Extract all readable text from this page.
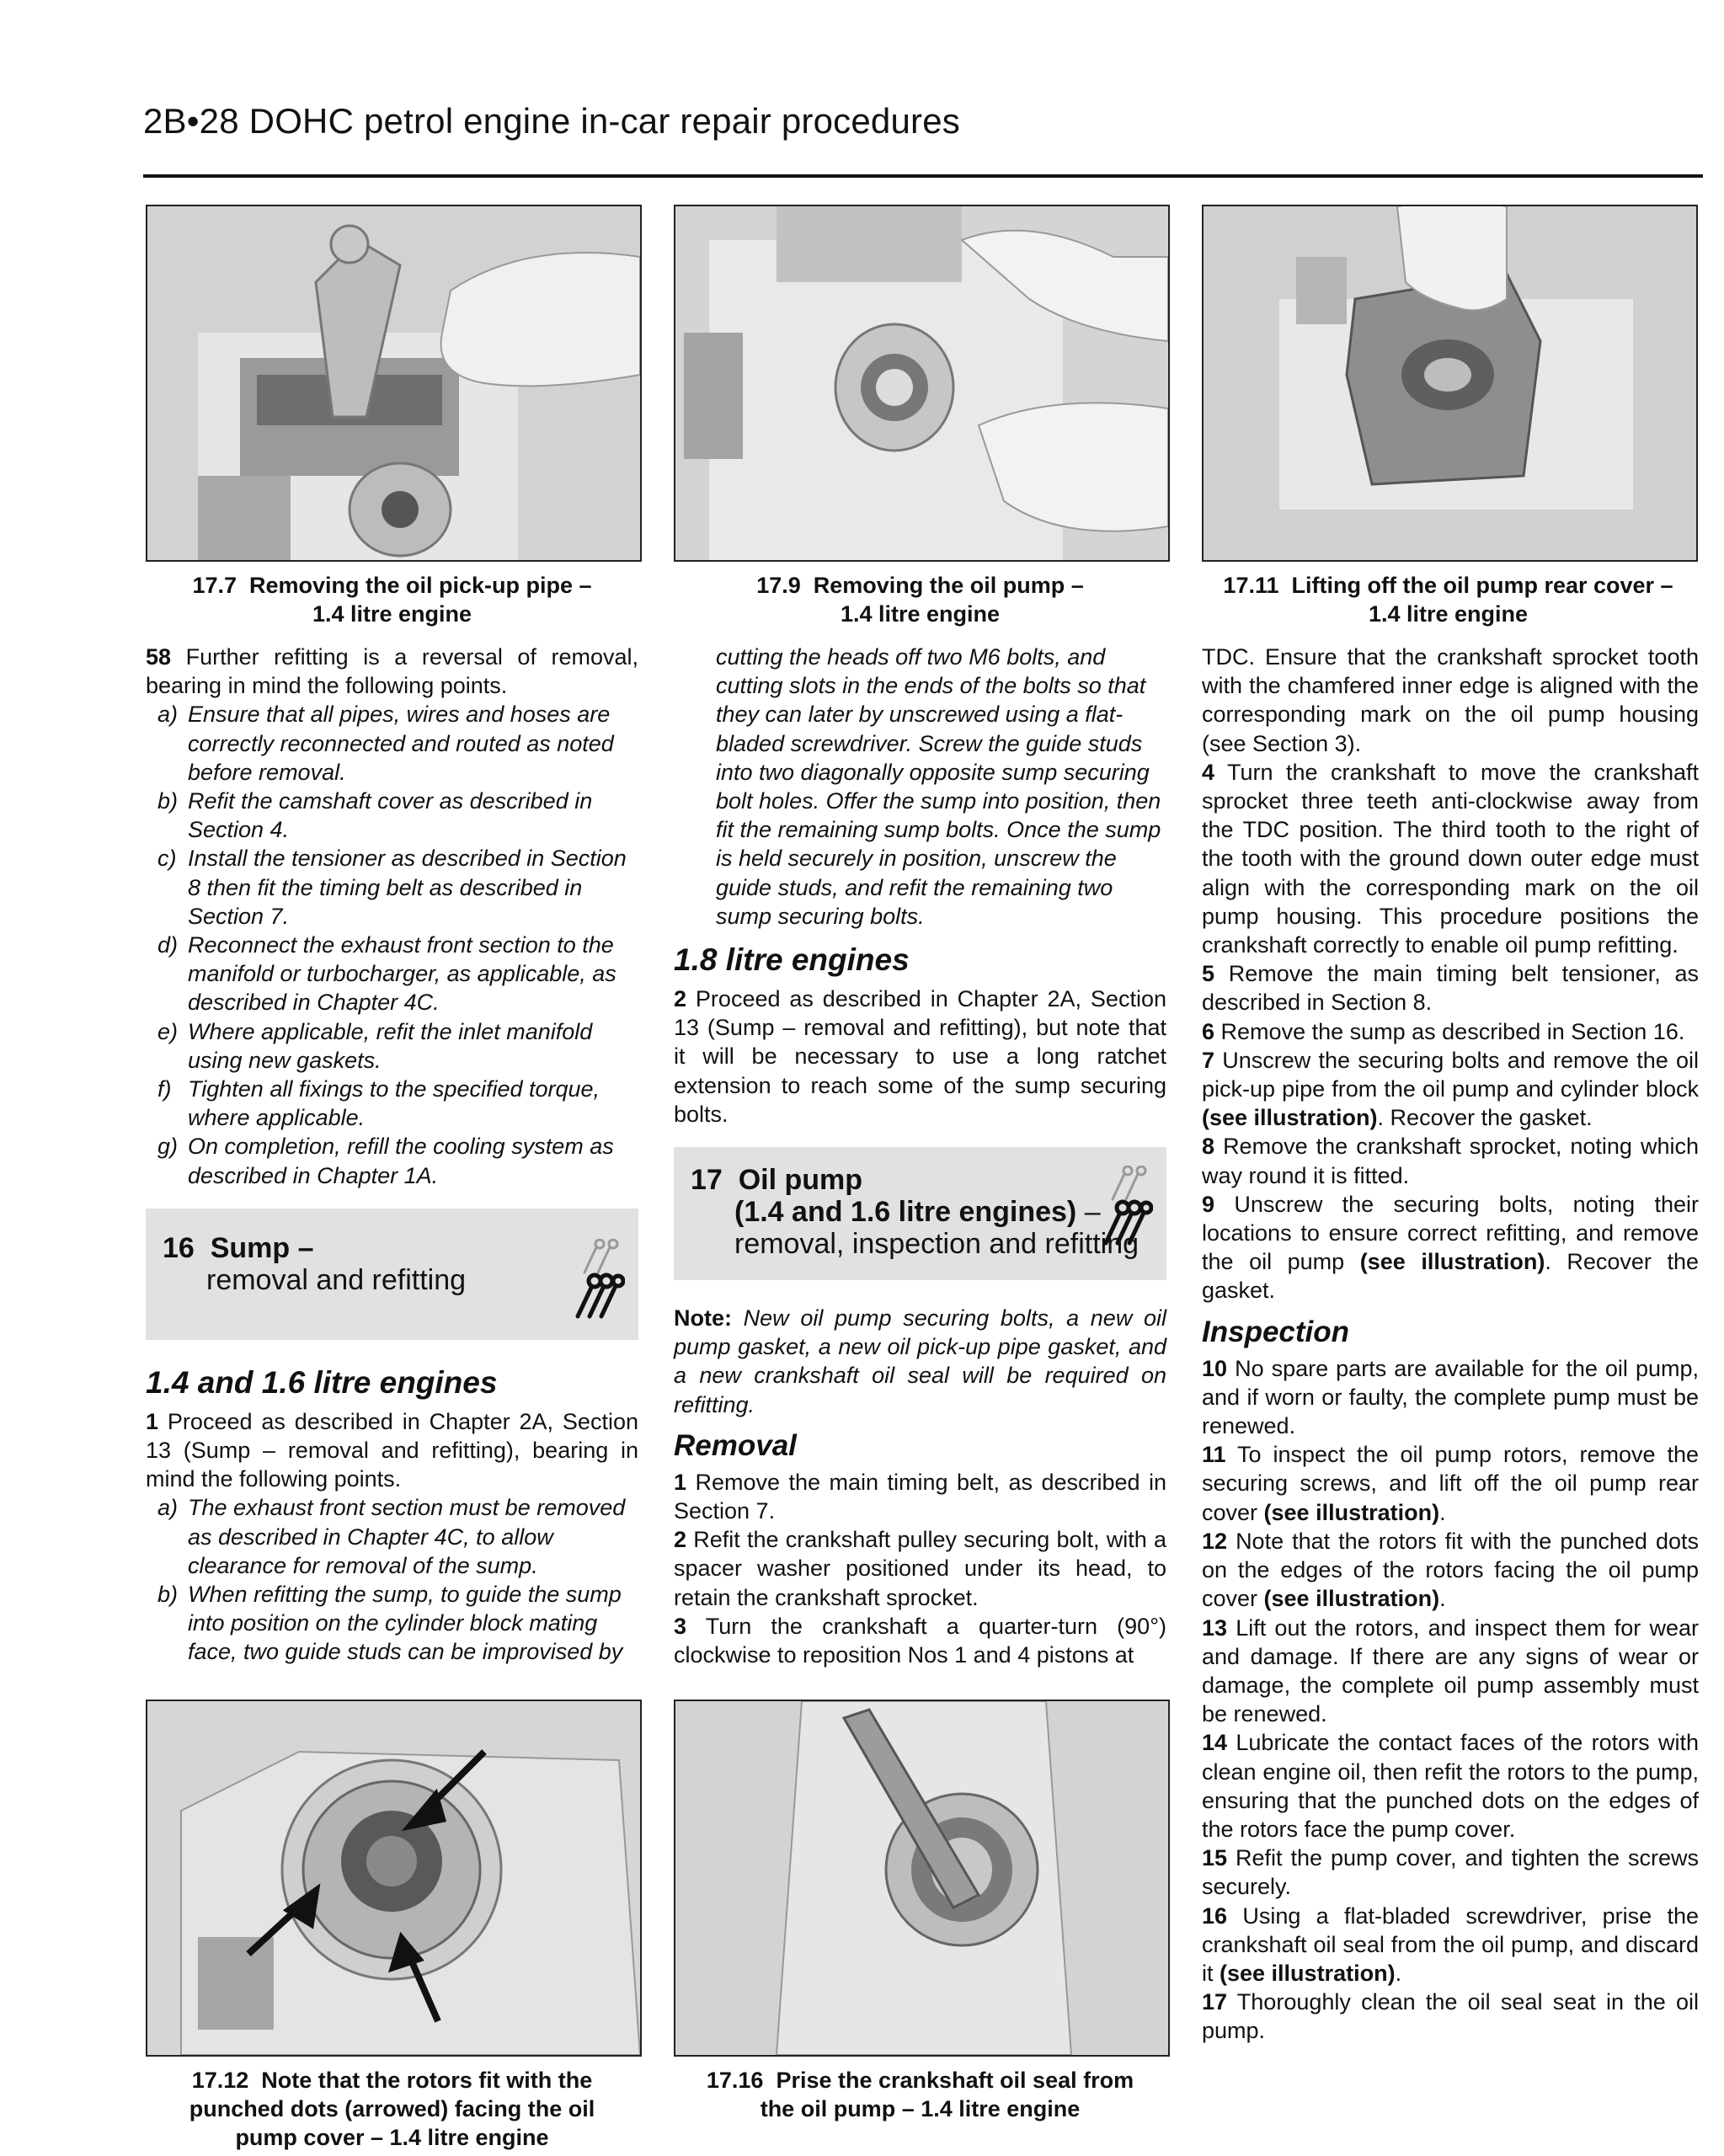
2B•28 DOHC petrol engine in-car repair procedures
17.7 Removing the oil pick-up pipe –
1.4 litre engine
17.9 Removing the oil pump –
1.4 litre engine
17.11 Lifting off the oil pump rear cover –
1.4 litre engine

58 Further refitting is a reversal of removal, bearing in mind the following points.

a) Ensure that all pipes, wires and hoses are correctly reconnected and routed as noted before removal.

b) Refit the camshaft cover as described in Section 4.

c) Install the tensioner as described in Section 8 then fit the timing belt as described in Section 7.

d) Reconnect the exhaust front section to the manifold or turbocharger, as applicable, as described in Chapter 4C.

e) Where applicable, refit the inlet manifold using new gaskets.

f) Tighten all fixings to the specified torque, where applicable.

g) On completion, refill the cooling system as described in Chapter 1A.

16 Sump –
removal and refitting
1.4 and 1.6 litre engines

1 Proceed as described in Chapter 2A, Section 13 (Sump – removal and refitting), bearing in mind the following points.

a) The exhaust front section must be removed as described in Chapter 4C, to allow clearance for removal of the sump.

b) When refitting the sump, to guide the sump into position on the cylinder block mating face, two guide studs can be improvised by

cutting the heads off two M6 bolts, and cutting slots in the ends of the bolts so that they can later by unscrewed using a flat-bladed screwdriver. Screw the guide studs into two diagonally opposite sump securing bolt holes. Offer the sump into position, then fit the remaining sump bolts. Once the sump is held securely in position, unscrew the guide studs, and refit the remaining two sump securing bolts.

1.8 litre engines

2 Proceed as described in Chapter 2A, Section 13 (Sump – removal and refitting), but note that it will be necessary to use a long ratchet extension to reach some of the sump securing bolts.

17 Oil pump
(1.4 and 1.6 litre engines) –
removal, inspection and refitting

Note: New oil pump securing bolts, a new oil pump gasket, a new oil pick-up pipe gasket, and a new crankshaft oil seal will be required on refitting.

Removal

1 Remove the main timing belt, as described in Section 7.

2 Refit the crankshaft pulley securing bolt, with a spacer washer positioned under its head, to retain the crankshaft sprocket.

3 Turn the crankshaft a quarter-turn (90°) clockwise to reposition Nos 1 and 4 pistons at

TDC. Ensure that the crankshaft sprocket tooth with the chamfered inner edge is aligned with the corresponding mark on the oil pump housing (see Section 3).

4 Turn the crankshaft to move the crankshaft sprocket three teeth anti-clockwise away from the TDC position. The third tooth to the right of the tooth with the ground down outer edge must align with the corresponding mark on the oil pump housing. This procedure positions the crankshaft correctly to enable oil pump refitting.

5 Remove the main timing belt tensioner, as described in Section 8.

6 Remove the sump as described in Section 16.

7 Unscrew the securing bolts and remove the oil pick-up pipe from the oil pump and cylinder block (see illustration). Recover the gasket.

8 Remove the crankshaft sprocket, noting which way round it is fitted.

9 Unscrew the securing bolts, noting their locations to ensure correct refitting, and remove the oil pump (see illustration). Recover the gasket.

Inspection

10 No spare parts are available for the oil pump, and if worn or faulty, the complete pump must be renewed.

11 To inspect the oil pump rotors, remove the securing screws, and lift off the oil pump rear cover (see illustration).

12 Note that the rotors fit with the punched dots on the edges of the rotors facing the oil pump cover (see illustration).

13 Lift out the rotors, and inspect them for wear and damage. If there are any signs of wear or damage, the complete oil pump assembly must be renewed.

14 Lubricate the contact faces of the rotors with clean engine oil, then refit the rotors to the pump, ensuring that the punched dots on the edges of the rotors face the pump cover.

15 Refit the pump cover, and tighten the screws securely.

16 Using a flat-bladed screwdriver, prise the crankshaft oil seal from the oil pump, and discard it (see illustration).

17 Thoroughly clean the oil seal seat in the oil pump.

17.12 Note that the rotors fit with the
punched dots (arrowed) facing the oil
pump cover – 1.4 litre engine
17.16 Prise the crankshaft oil seal from
the oil pump – 1.4 litre engine
